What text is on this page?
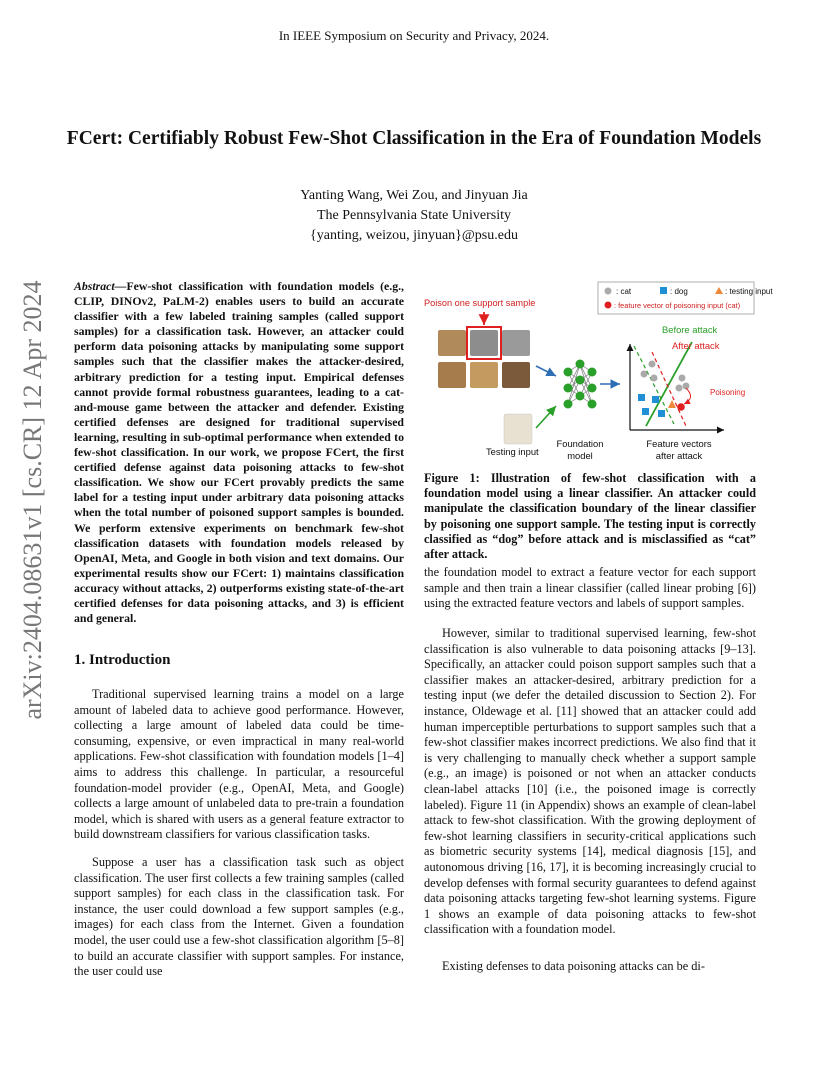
In IEEE Symposium on Security and Privacy, 2024.
FCert: Certifiably Robust Few-Shot Classification in the Era of Foundation Models
Yanting Wang, Wei Zou, and Jinyuan Jia
The Pennsylvania State University
{yanting, weizou, jinyuan}@psu.edu
arXiv:2404.08631v1 [cs.CR] 12 Apr 2024 Abstract—Few-shot classification with foundation models (e.g., CLIP, DINOv2, PaLM-2) enables users to build an accurate classifier with a few labeled training samples (called support samples) for a classification task. However, an attacker could perform data poisoning attacks by manipulating some support samples such that the classifier makes the attacker-desired, arbitrary prediction for a testing input. Empirical defenses cannot provide formal robustness guarantees, leading to a cat-and-mouse game between the attacker and defender. Existing certified defenses are designed for traditional supervised learning, resulting in sub-optimal performance when extended to few-shot classification. In our work, we propose FCert, the first certified defense against data poisoning attacks to few-shot classification. We show our FCert provably predicts the same label for a testing input under arbitrary data poisoning attacks when the total number of poisoned support samples is bounded. We perform extensive experiments on benchmark few-shot classification datasets with foundation models released by OpenAI, Meta, and Google in both vision and text domains. Our experimental results show our FCert: 1) maintains classification accuracy without attacks, 2) outperforms existing state-of-the-art certified defenses for data poisoning attacks, and 3) is efficient and general.

1. Introduction

Traditional supervised learning trains a model on a large amount of labeled data to achieve good performance. However, collecting a large amount of labeled data could be time-consuming, expensive, or even impractical in many real-world applications. Few-shot classification with foundation models [1–4] aims to address this challenge. In particular, a resourceful foundation-model provider (e.g., OpenAI, Meta, and Google) collects a large amount of unlabeled data to pre-train a foundation model, which is shared with users as a general feature extractor to build downstream classifiers for various classification tasks.

Suppose a user has a classification task such as object classification. The user first collects a few training samples (called support samples) for each class in the classification task. For instance, the user could download a few support samples (e.g., images) for each class from the Internet. Given a foundation model, the user could use a few-shot classification algorithm [5–8] to build an accurate classifier with support samples. For instance, the user could use

: cat	: dog	: testing input
: feature vector of poisoning input (cat)
Poison one support sample
Before attack
After attack
Poisoning
Testing input
Foundation
model
Feature vectors
after attack
Figure 1: Illustration of few-shot classification with a foundation model using a linear classifier. An attacker could manipulate the classification boundary of the linear classifier by poisoning one support sample. The testing input is correctly classified as “dog” before attack and is misclassified as “cat” after attack.

the foundation model to extract a feature vector for each support sample and then train a linear classifier (called linear probing [6]) using the extracted feature vectors and labels of support samples.

However, similar to traditional supervised learning, few-shot classification is also vulnerable to data poisoning attacks [9–13]. Specifically, an attacker could poison support samples such that a classifier makes an attacker-desired, arbitrary prediction for a testing input (we defer the detailed discussion to Section 2). For instance, Oldewage et al. [11] showed that an attacker could add human imperceptible perturbations to support samples such that a few-shot classifier makes incorrect predictions. We also find that it is very challenging to manually check whether a support sample (e.g., an image) is poisoned or not when an attacker conducts clean-label attacks [10] (i.e., the poisoned image is correctly labeled). Figure 11 (in Appendix) shows an example of clean-label attack to few-shot classification. With the growing deployment of few-shot learning classifiers in security-critical applications such as biometric security systems [14], medical diagnosis [15], and autonomous driving [16, 17], it is becoming increasingly crucial to develop defenses with formal security guarantees to defend against data poisoning attacks targeting few-shot learning systems. Figure 1 shows an example of data poisoning attacks to few-shot classification with a foundation model.

Existing defenses to data poisoning attacks can be di-
